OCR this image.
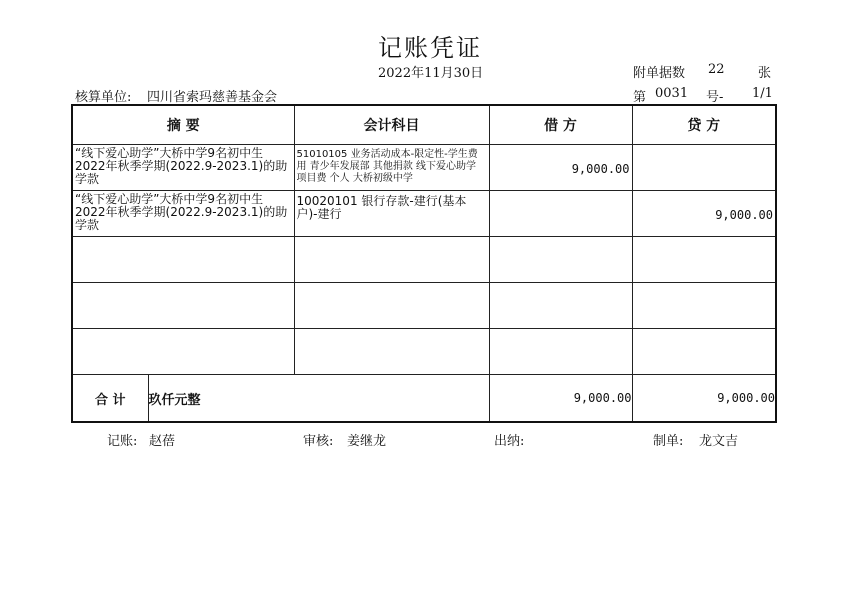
记账凭证
2022年11月30日	附单据数 22	张
核算单位: 四川省索玛慈善基金会	第 0031 号- 1/1
摘 要		会计科目	借 方	贷 方

“线下爱心助学”大桥中学9名初中生2022年秋季学期(2022.9-2023.1)的助学款		51010105 业务活动成本-限定性-学生费用 青少年发展部 其他捐款 线下爱心助学 项目费 个人 大桥初级中学	9,000.00	

“线下爱心助学”大桥中学9名初中生2022年秋季学期(2022.9-2023.1)的助学款		10020101 银行存款-建行(基本户)-建行		9,000.00

合 计	玖仟元整		9,000.00	9,000.00
记账: 赵蓓	审核: 姜继龙	出纳:	制单: 龙文吉
